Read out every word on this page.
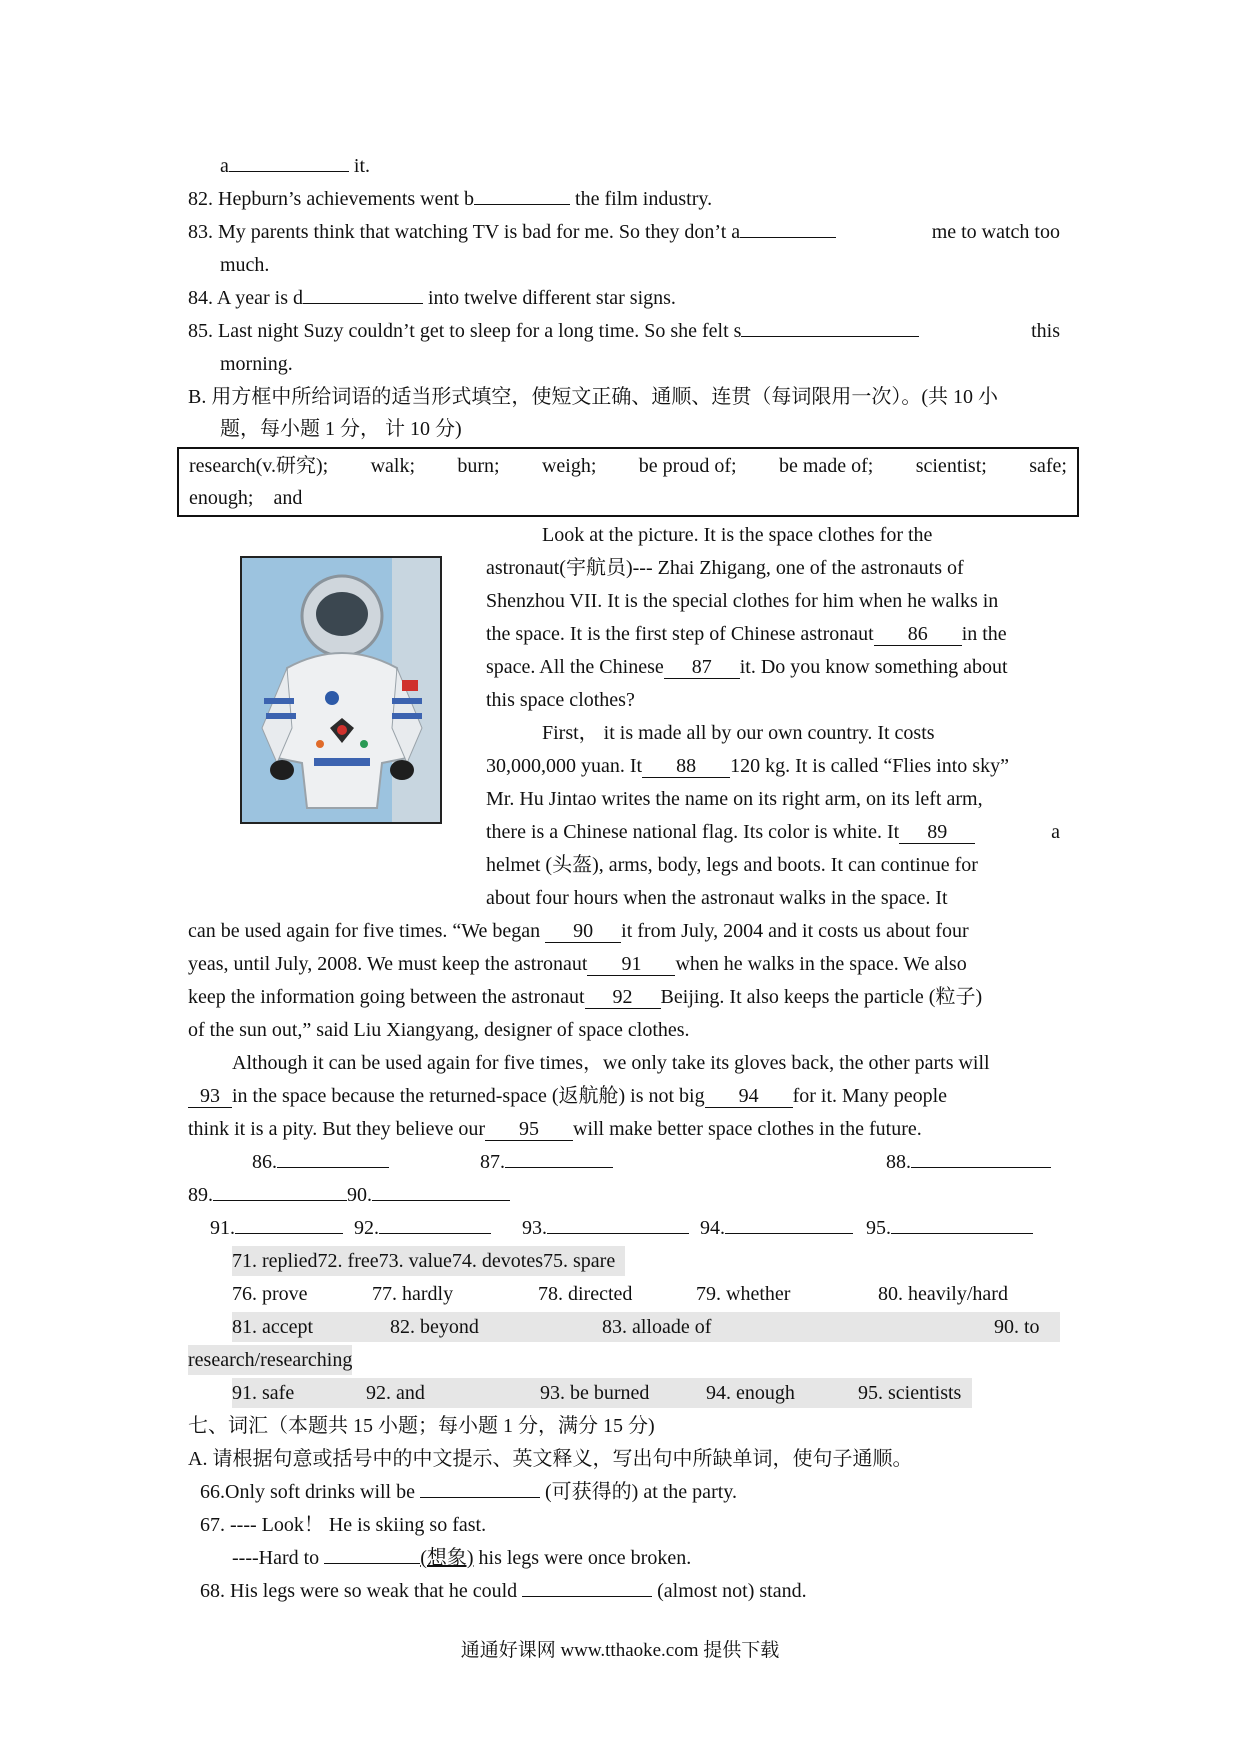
a	it.
82. Hepburn’s achievements went b	the film industry.
83. My parents think that watching TV is bad for me. So they don’t a	me to watch too
much.
84. A year is d	into twelve different star signs.
85. Last night Suzy couldn’t get to sleep for a long time. So she felt s	this
morning.
B. 用方框中所给词语的适当形式填空，使短文正确、通顺、连贯（每词限用一次）。(共 10 小
题，每小题 1 分， 计 10 分)
research(v.研究); walk; burn; weigh; be proud of; be made of; scientist; safe;
enough; and
Look at the picture. It is the space clothes for the
astronaut(宇航员)--- Zhai Zhigang, one of the astronauts of
Shenzhou VII. It is the special clothes for him when he walks in
the space. It is the first step of Chinese astronaut 86 in the
space. All the Chinese 87 it. Do you know something about
this space clothes?
First， it is made all by our own country. It costs
30,000,000 yuan. It 88 120 kg. It is called “Flies into sky”
Mr. Hu Jintao writes the name on its right arm, on its left arm,
there is a Chinese national flag. Its color is white. It 89	a
helmet (头盔), arms, body, legs and boots. It can continue for
about four hours when the astronaut walks in the space. It
can be used again for five times. “We began 90 it from July, 2004 and it costs us about four
yeas, until July, 2008. We must keep the astronaut 91 when he walks in the space. We also
keep the information going between the astronaut 92 Beijing. It also keeps the particle (粒子)
of the sun out,” said Liu Xiangyang, designer of space clothes.
Although it can be used again for five times，we only take its gloves back, the other parts will
93 in the space because the returned-space (返航舱) is not big 94 for it. Many people
think it is a pity. But they believe our 95 will make better space clothes in the future.
86.	87.	88.
89.	90.
91.	92.	93.	94.	95.
71. replied72. free73. value74. devotes75. spare
76. prove	77. hardly	78. directed	79. whether	80. heavily/hard
81. accept	82. beyond	83. alloade of	90. to
research/researching
91. safe	92. and	93. be burned	94. enough	95. scientists
七、词汇（本题共 15 小题；每小题 1 分，满分 15 分)
A. 请根据句意或括号中的中文提示、英文释义，写出句中所缺单词，使句子通顺。
66.Only soft drinks will be	(可获得的) at the party.
67. ---- Look！ He is skiing so fast.
----Hard to	(想象) his legs were once broken.
68. His legs were so weak that he could	(almost not) stand.
通通好课网 www.tthaoke.com 提供下载
